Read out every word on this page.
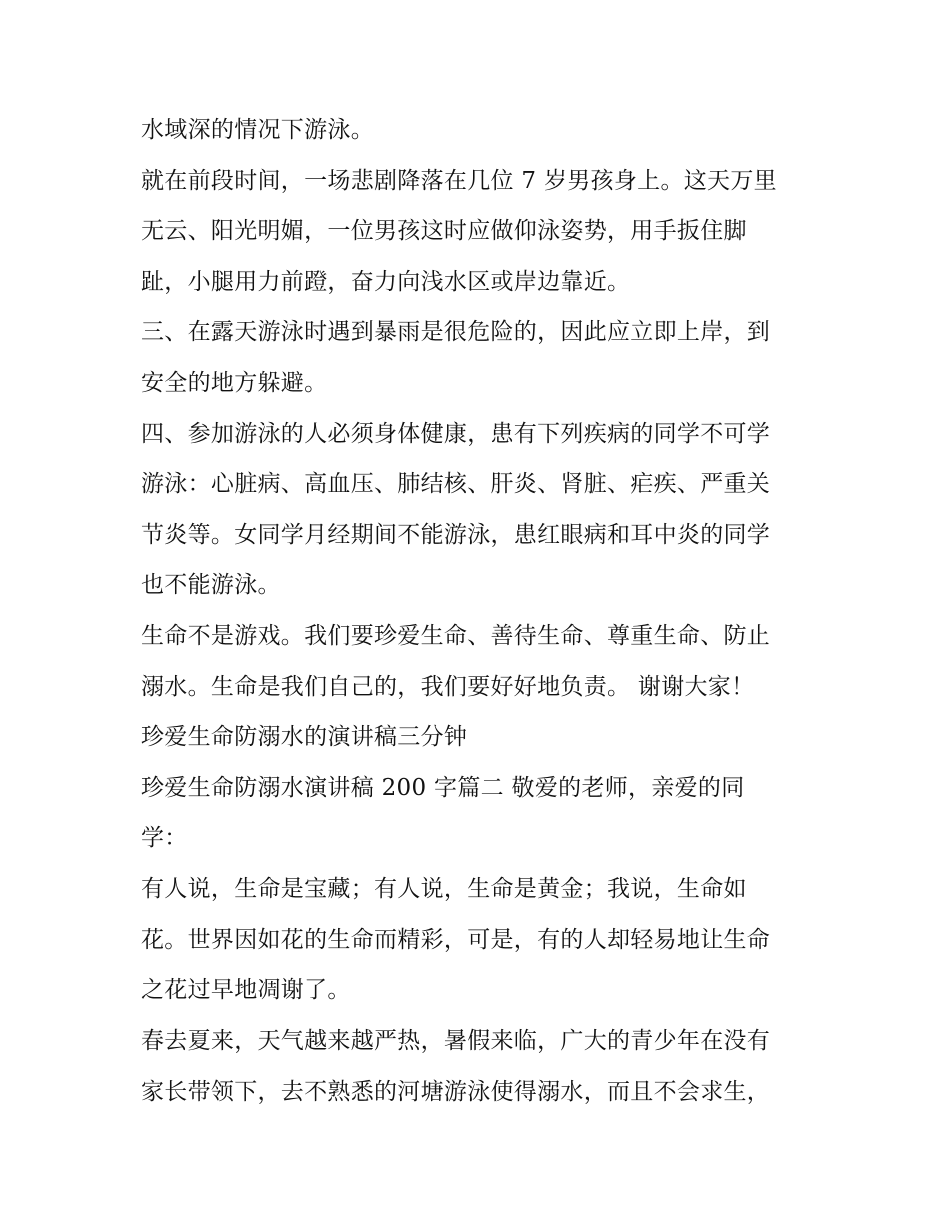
水域深的情况下游泳。
就在前段时间，一场悲剧降落在几位 7 岁男孩身上。这天万里
无云、阳光明媚，一位男孩这时应做仰泳姿势，用手扳住脚
趾，小腿用力前蹬，奋力向浅水区或岸边靠近。
三、在露天游泳时遇到暴雨是很危险的，因此应立即上岸，到
安全的地方躲避。
四、参加游泳的人必须身体健康，患有下列疾病的同学不可学
游泳：心脏病、高血压、肺结核、肝炎、肾脏、疟疾、严重关
节炎等。女同学月经期间不能游泳，患红眼病和耳中炎的同学
也不能游泳。
生命不是游戏。我们要珍爱生命、善待生命、尊重生命、防止
溺水。生命是我们自己的，我们要好好地负责。 谢谢大家！
珍爱生命防溺水的演讲稿三分钟
珍爱生命防溺水演讲稿 200 字篇二 敬爱的老师，亲爱的同
学：
有人说，生命是宝藏；有人说，生命是黄金；我说，生命如
花。世界因如花的生命而精彩，可是，有的人却轻易地让生命
之花过早地凋谢了。
春去夏来，天气越来越严热，暑假来临，广大的青少年在没有
家长带领下，去不熟悉的河塘游泳使得溺水，而且不会求生，
